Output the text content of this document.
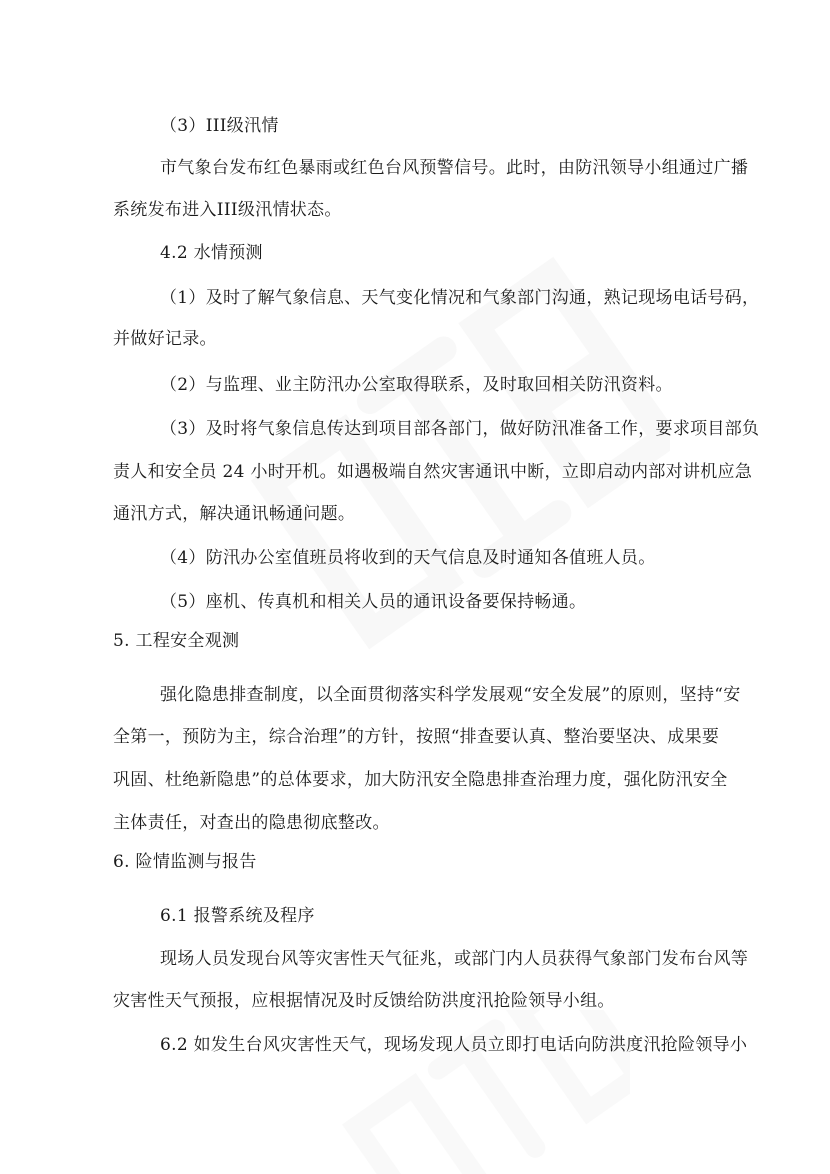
（3）III级汛情
市气象台发布红色暴雨或红色台风预警信号。此时，由防汛领导小组通过广播
系统发布进入III级汛情状态。
4.2 水情预测
（1）及时了解气象信息、天气变化情况和气象部门沟通，熟记现场电话号码，
并做好记录。
（2）与监理、业主防汛办公室取得联系，及时取回相关防汛资料。
（3）及时将气象信息传达到项目部各部门，做好防汛准备工作，要求项目部负
责人和安全员 24 小时开机。如遇极端自然灾害通讯中断，立即启动内部对讲机应急
通汛方式，解决通讯畅通问题。
（4）防汛办公室值班员将收到的天气信息及时通知各值班人员。
（5）座机、传真机和相关人员的通讯设备要保持畅通。
5. 工程安全观测
强化隐患排查制度，以全面贯彻落实科学发展观“安全发展”的原则，坚持“安
全第一，预防为主，综合治理”的方针，按照“排查要认真、整治要坚决、成果要
巩固、杜绝新隐患”的总体要求，加大防汛安全隐患排查治理力度，强化防汛安全
主体责任，对查出的隐患彻底整改。
6. 险情监测与报告
6.1 报警系统及程序
现场人员发现台风等灾害性天气征兆，或部门内人员获得气象部门发布台风等
灾害性天气预报，应根据情况及时反馈给防洪度汛抢险领导小组。
6.2 如发生台风灾害性天气，现场发现人员立即打电话向防洪度汛抢险领导小
